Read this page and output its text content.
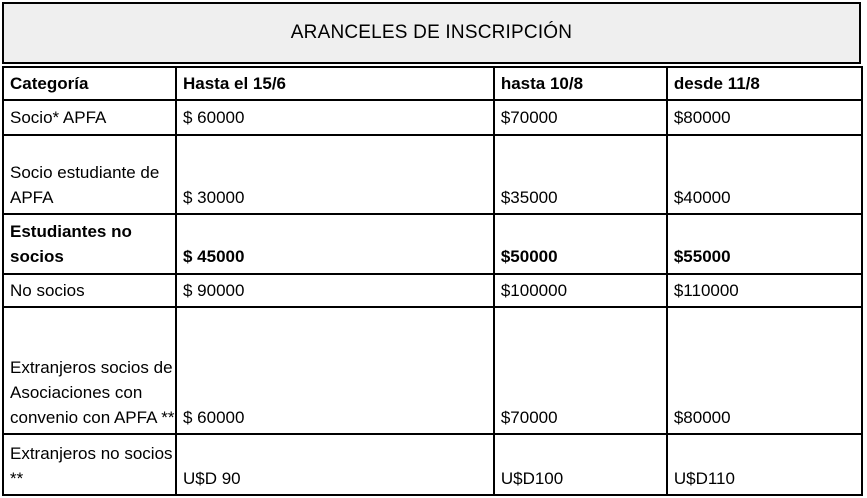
ARANCELES DE INSCRIPCIÓN
Categoría	Hasta el 15/6	hasta 10/8	desde 11/8
Socio* APFA	$ 60000	$70000	$80000
Socio estudiante de APFA	$ 30000	$35000	$40000
Estudiantes no socios	$ 45000	$50000	$55000
No socios	$ 90000	$100000	$110000
Extranjeros socios de Asociaciones con convenio con APFA **	$ 60000	$70000	$80000
Extranjeros no socios **	U$D 90	U$D100	U$D110
